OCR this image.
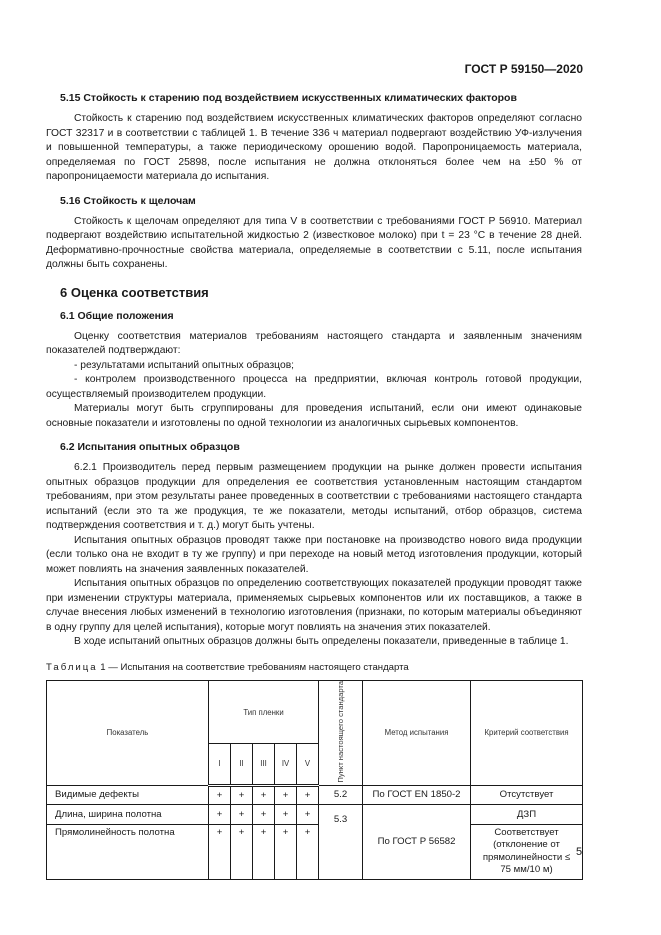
ГОСТ Р 59150—2020
5.15 Стойкость к старению под воздействием искусственных климатических факторов

Стойкость к старению под воздействием искусственных климатических факторов определяют согласно ГОСТ 32317 и в соответствии с таблицей 1. В течение 336 ч материал подвергают воздействию УФ-излучения и повышенной температуры, а также периодическому орошению водой. Паропроницаемость материала, определяемая по ГОСТ 25898, после испытания не должна отклоняться более чем на ±50 % от паропроницаемости материала до испытания.

5.16 Стойкость к щелочам

Стойкость к щелочам определяют для типа V в соответствии с требованиями ГОСТ Р 56910. Материал подвергают воздействию испытательной жидкостью 2 (известковое молоко) при t = 23 °С в течение 28 дней. Деформативно-прочностные свойства материала, определяемые в соответствии с 5.11, после испытания должны быть сохранены.

6 Оценка соответствия
6.1 Общие положения

Оценку соответствия материалов требованиям настоящего стандарта и заявленным значениям показателей подтверждают:

- результатами испытаний опытных образцов;

- контролем производственного процесса на предприятии, включая контроль готовой продукции, осуществляемый производителем продукции.

Материалы могут быть сгруппированы для проведения испытаний, если они имеют одинаковые основные показатели и изготовлены по одной технологии из аналогичных сырьевых компонентов.

6.2 Испытания опытных образцов

6.2.1 Производитель перед первым размещением продукции на рынке должен провести испытания опытных образцов продукции для определения ее соответствия установленным настоящим стандартом требованиям, при этом результаты ранее проведенных в соответствии с требованиями настоящего стандарта испытаний (если это та же продукция, те же показатели, методы испытаний, отбор образцов, система подтверждения соответствия и т. д.) могут быть учтены.

Испытания опытных образцов проводят также при постановке на производство нового вида продукции (если только она не входит в ту же группу) и при переходе на новый метод изготовления продукции, который может повлиять на значения заявленных показателей.

Испытания опытных образцов по определению соответствующих показателей продукции проводят также при изменении структуры материала, применяемых сырьевых компонентов или их поставщиков, а также в случае внесения любых изменений в технологию изготовления (признаки, по которым материалы объединяют в одну группу для целей испытания), которые могут повлиять на значения этих показателей.

В ходе испытаний опытных образцов должны быть определены показатели, приведенные в таблице 1.

Таблица 1 — Испытания на соответствие требованиям настоящего стандарта
Показатель	Тип пленки					Пункт настоящего стандарта	Метод испытания	Критерий соответствия
	I	II	III	IV	V			
Видимые дефекты	+	+	+	+	+	5.2	По ГОСТ EN 1850-2	Отсутствует
Длина, ширина полотна	+	+	+	+	+	5.3	По ГОСТ Р 56582	ДЗП
Прямолинейность полотна	+	+	+	+	+			Соответствует (отклонение от прямолинейности ≤ 75 мм/10 м)
5
